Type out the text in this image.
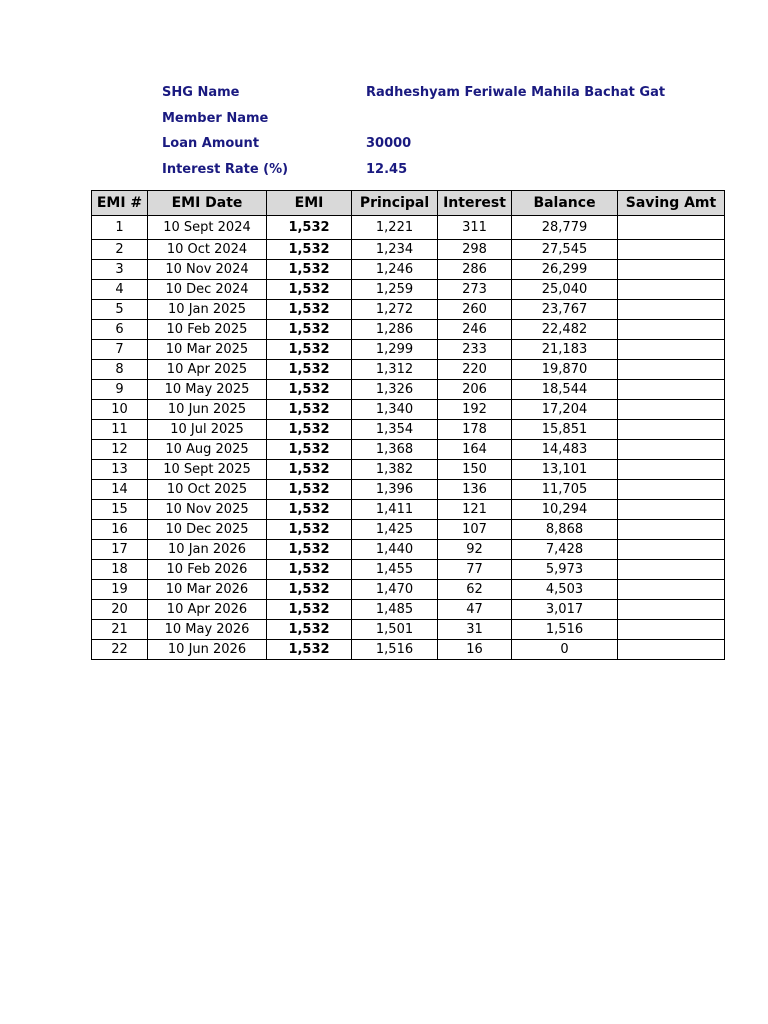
SHG Name	Radheshyam Feriwale Mahila Bachat Gat
Member Name
Loan Amount	30000
Interest Rate (%)	12.45
EMI #	EMI Date	EMI	Principal	Interest	Balance	Saving Amt
1	10 Sept 2024	1,532	1,221	311	28,779	
2	10 Oct 2024	1,532	1,234	298	27,545	
3	10 Nov 2024	1,532	1,246	286	26,299	
4	10 Dec 2024	1,532	1,259	273	25,040	
5	10 Jan 2025	1,532	1,272	260	23,767	
6	10 Feb 2025	1,532	1,286	246	22,482	
7	10 Mar 2025	1,532	1,299	233	21,183	
8	10 Apr 2025	1,532	1,312	220	19,870	
9	10 May 2025	1,532	1,326	206	18,544	
10	10 Jun 2025	1,532	1,340	192	17,204	
11	10 Jul 2025	1,532	1,354	178	15,851	
12	10 Aug 2025	1,532	1,368	164	14,483	
13	10 Sept 2025	1,532	1,382	150	13,101	
14	10 Oct 2025	1,532	1,396	136	11,705	
15	10 Nov 2025	1,532	1,411	121	10,294	
16	10 Dec 2025	1,532	1,425	107	8,868	
17	10 Jan 2026	1,532	1,440	92	7,428	
18	10 Feb 2026	1,532	1,455	77	5,973	
19	10 Mar 2026	1,532	1,470	62	4,503	
20	10 Apr 2026	1,532	1,485	47	3,017	
21	10 May 2026	1,532	1,501	31	1,516	
22	10 Jun 2026	1,532	1,516	16	0	
